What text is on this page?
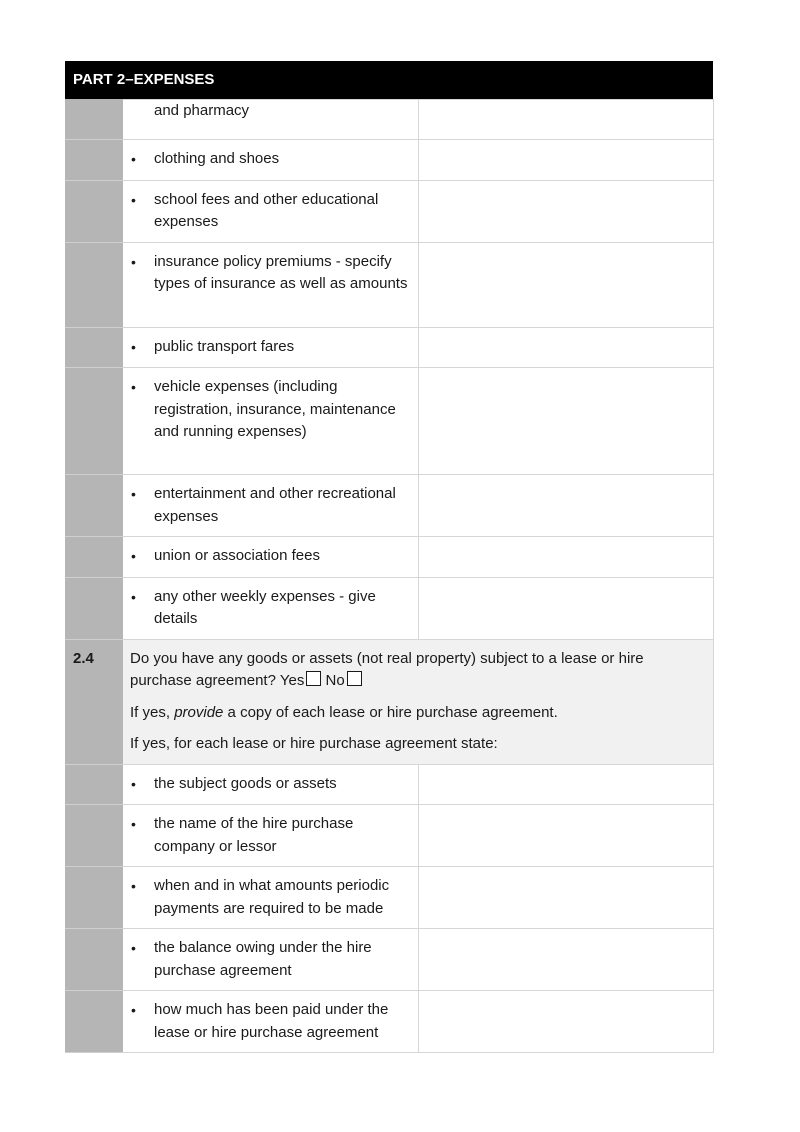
PART 2–EXPENSES

	and pharmacy	

•
clothing and shoes

•
school fees and other educational expenses

•
insurance policy premiums - specify types of insurance as well as amounts

•
public transport fares

•
vehicle expenses (including registration, insurance, maintenance and running expenses)

•
entertainment and other recreational expenses

•
union or association fees

•
any other weekly expenses - give details

2.4	Do you have any goods or assets (not real property) subject to a lease or hire purchase agreement? Yes No
If yes, provide a copy of each lease or hire purchase agreement.
If yes, for each lease or hire purchase agreement state:	

•
the subject goods or assets

•
the name of the hire purchase company or lessor

•
when and in what amounts periodic payments are required to be made

•
the balance owing under the hire purchase agreement

•
how much has been paid under the lease or hire purchase agreement
